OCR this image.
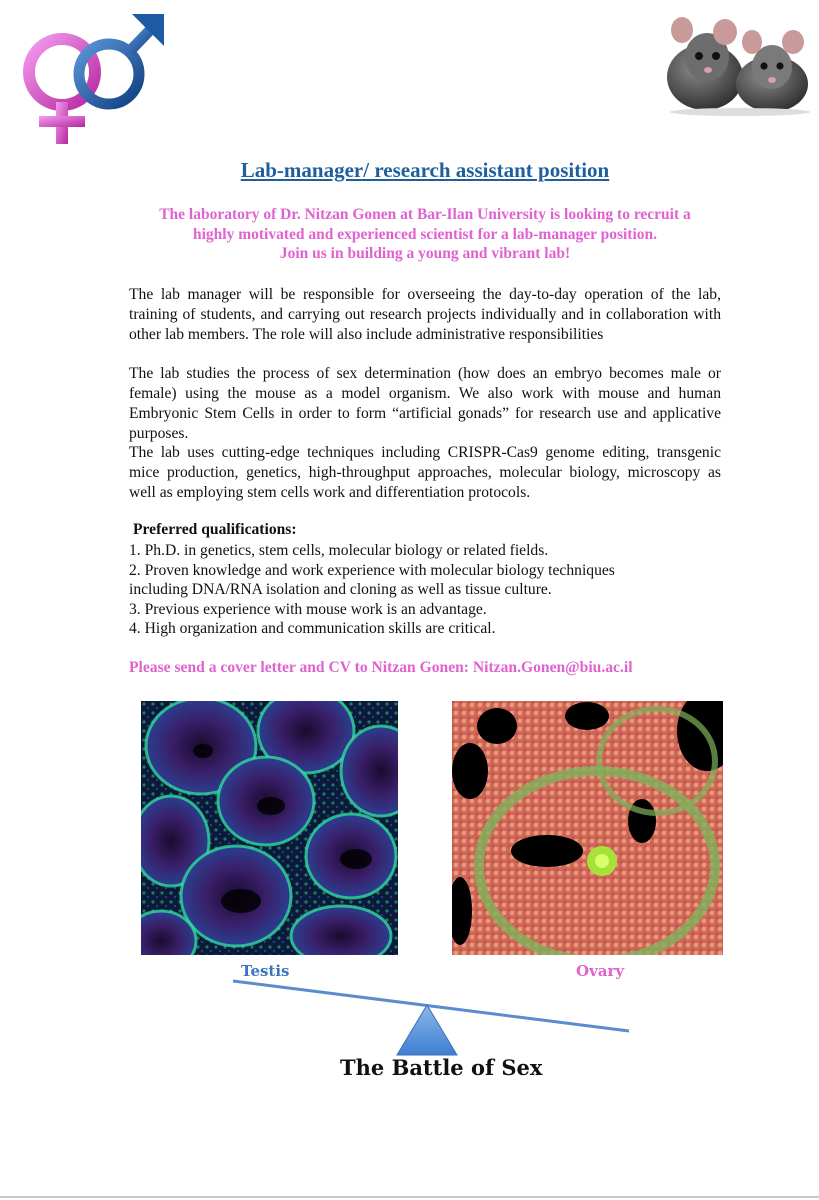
Lab-manager/ research assistant position
The laboratory of Dr. Nitzan Gonen at Bar-Ilan University is looking to recruit a
highly motivated and experienced scientist for a lab-manager position.
Join us in building a young and vibrant lab!
The lab manager will be responsible for overseeing the day-to-day operation of the lab, training of students, and carrying out research projects individually and in collaboration with other lab members. The role will also include administrative responsibilities
The lab studies the process of sex determination (how does an embryo becomes male or female) using the mouse as a model organism. We also work with mouse and human Embryonic Stem Cells in order to form “artificial gonads” for research use and applicative purposes.
The lab uses cutting-edge techniques including CRISPR-Cas9 genome editing, transgenic mice production, genetics, high-throughput approaches, molecular biology, microscopy as well as employing stem cells work and differentiation protocols.
Preferred qualifications:
1. Ph.D. in genetics, stem cells, molecular biology or related fields.
2. Proven knowledge and work experience with molecular biology techniques
including DNA/RNA isolation and cloning as well as tissue culture.
3. Previous experience with mouse work is an advantage.
4. High organization and communication skills are critical.
Please send a cover letter and CV to Nitzan Gonen: Nitzan.Gonen@biu.ac.il
Testis	Ovary
The Battle of Sex
